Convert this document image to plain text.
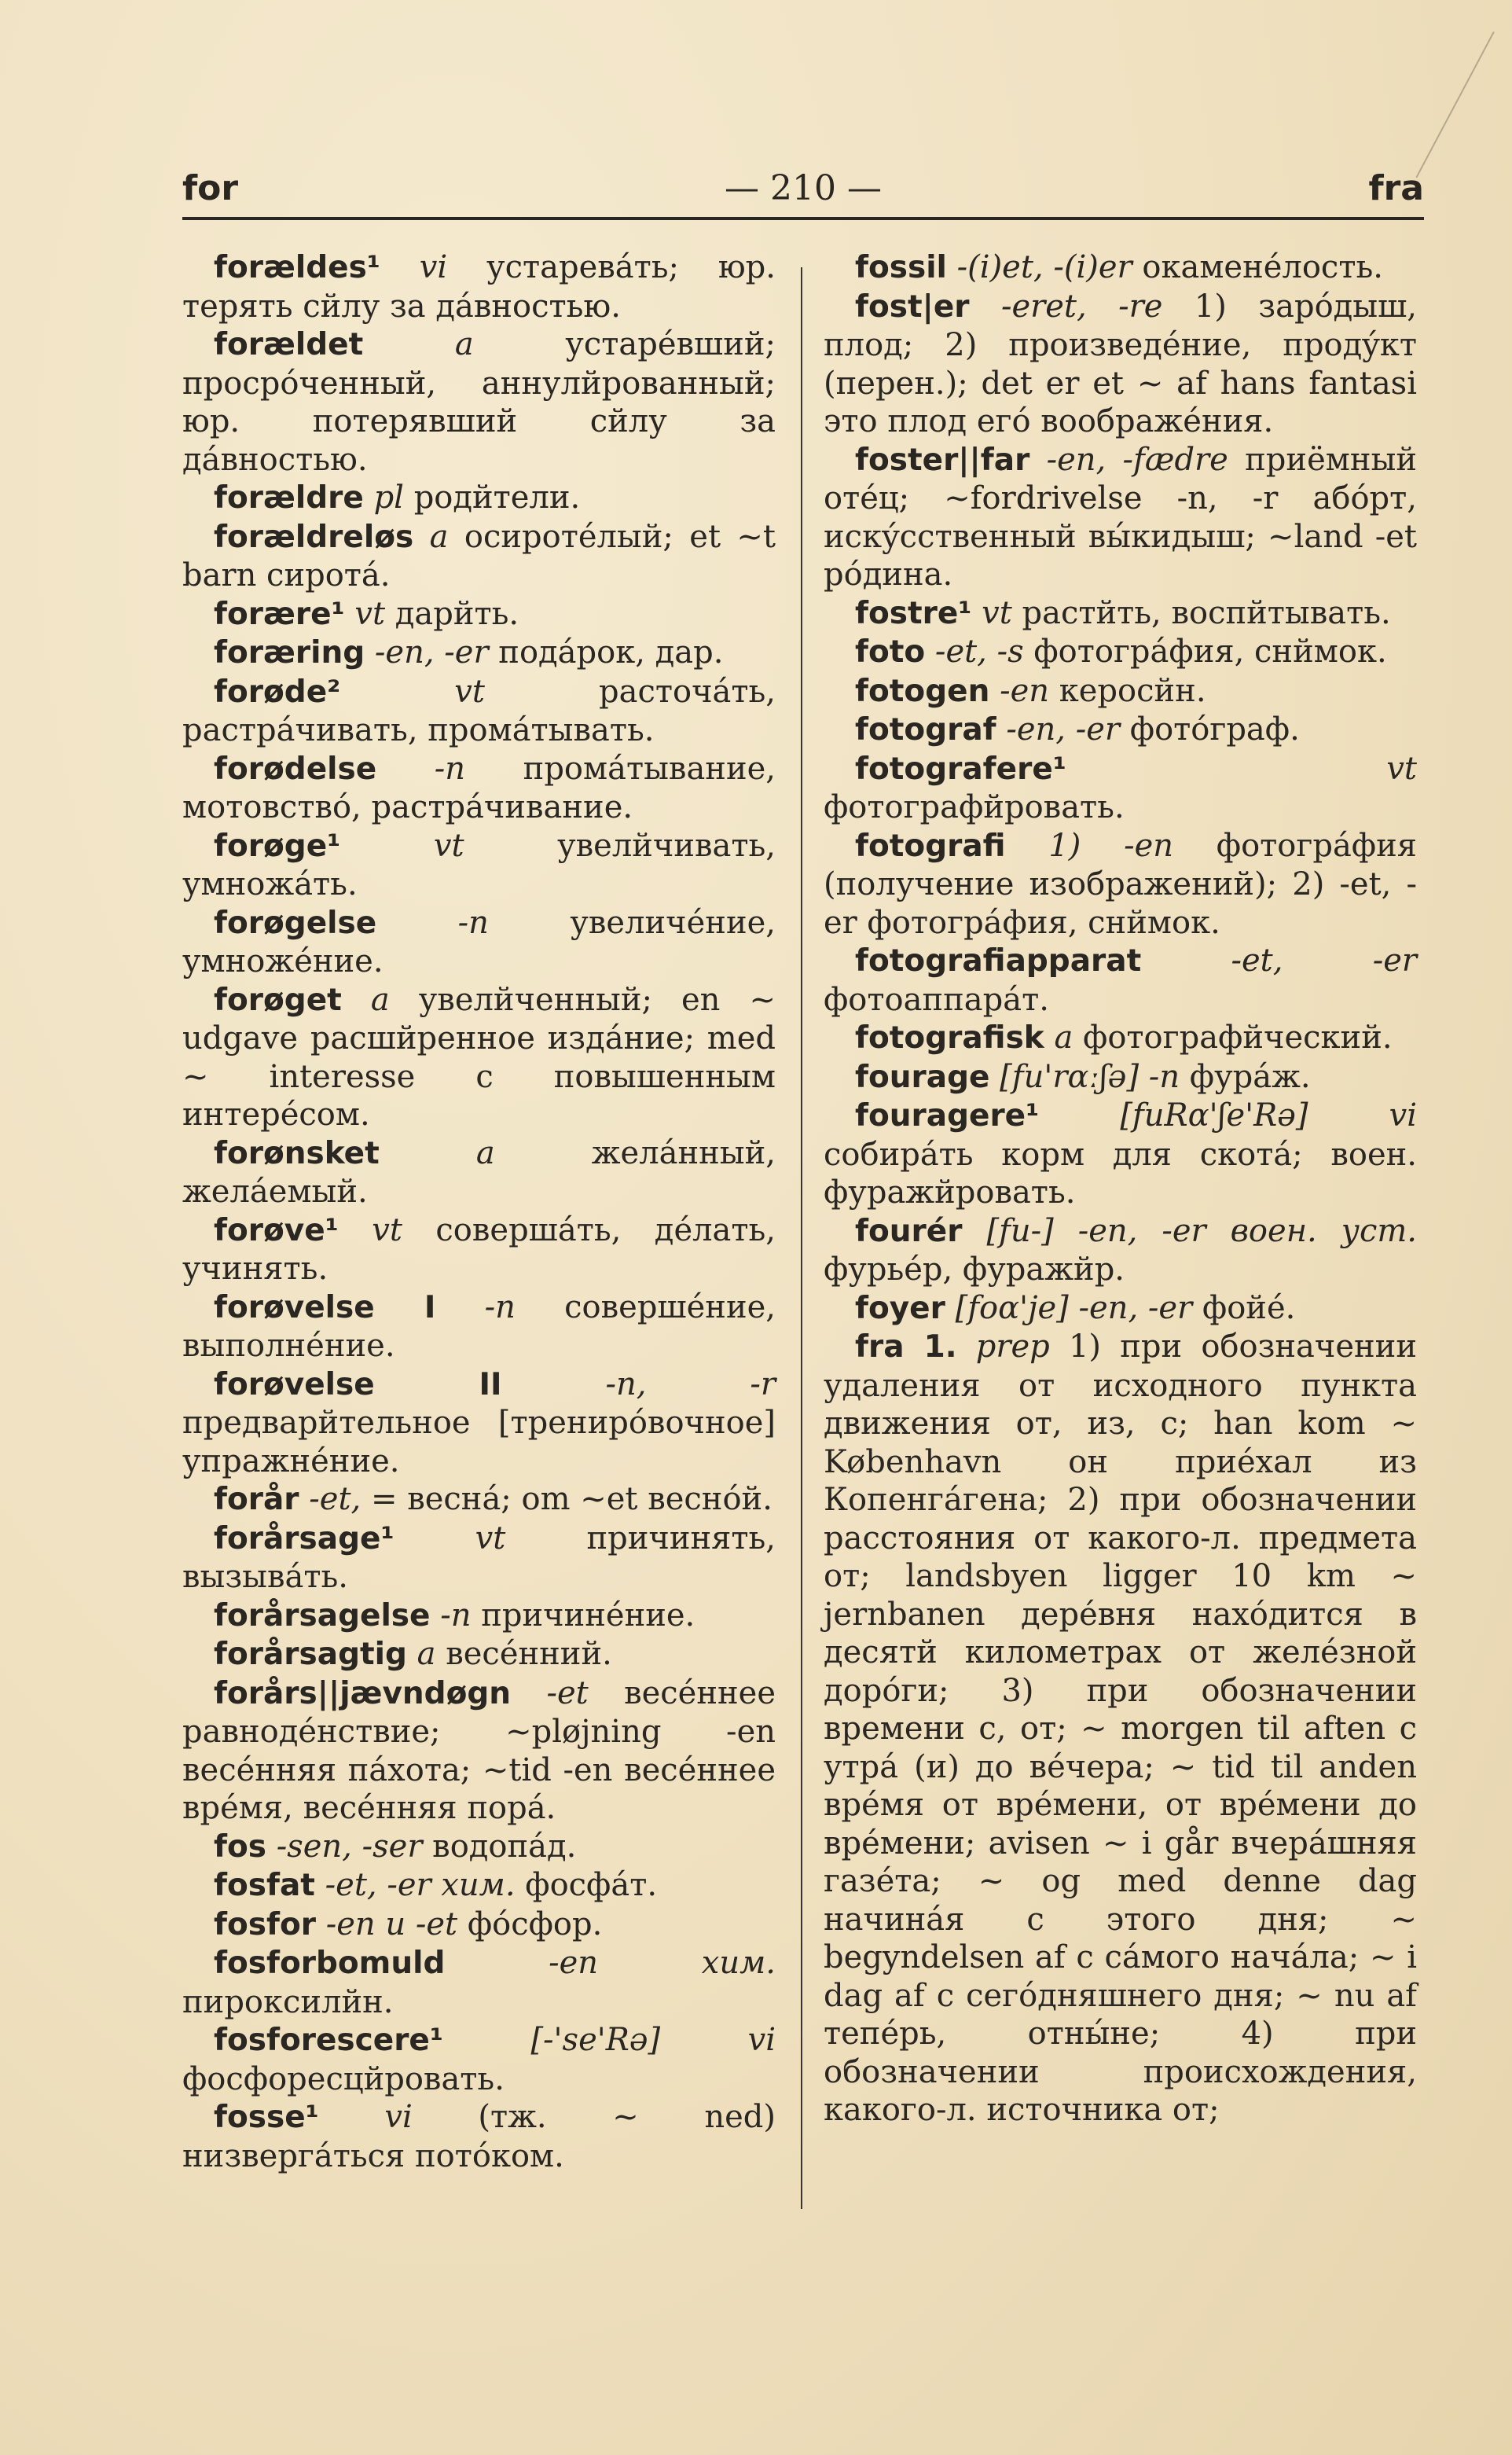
for	— 210 —	fra

forældes¹ vi устаревáть; юр. терять сйлу за дáвностью.

forældet	a	устарéвший; просрóченный, аннулйрованный; юр. потерявший сйлу за дáвностью.

forældre pl родйтели.

forældreløs a осиротéлый; et ~t barn сиротá.

forære¹ vt дарйть.

foræring -en, -er подáрок, дар.

forøde²	vt	расточáть, растрáчивать, промáтывать.

forødelse -n промáтывание, мотовствó, растрáчивание.

forøge¹	vt	увелйчивать, умножáть.

forøgelse	-n	увеличéние, умножéние.

forøget a увелйченный; en ~ udgave расшйренное издáние; med ~ interesse с повышенным интерéсом.

forønsket	a	желáнный, желáемый.

forøve¹ vt совершáть, дéлать, учинять.

forøvelse I -n совершéние, выполнéние.

forøvelse II	-n, -r предварйтельное [тренирóвочное] упражнéние.

forår -et, = веснá; om ~et веснóй.

forårsage¹	vt	причинять, вызывáть.

forårsagelse -n причинéние.

forårsagtig a весéнний.

forårs||jævndøgn -et весéннее равнодéнствие; ~pløjning -en весéнняя пáхота; ~tid -en весéннее врéмя, весéнняя порá.

fos -sen, -ser водопáд.

fosfat -et, -er хим. фосфáт.

fosfor -en и -et фóсфор.

fosforbomuld	-en хим. пироксилйн.

fosforescere¹	[-'se'Rə] vi фосфоресцйровать.

fosse¹ vi (тж. ~ ned) низвергáться потóком.

fossil -(i)et, -(i)er окаменéлость.

fost|er -eret, -re 1) зарóдыш, плод; 2) произведéние, продýкт (перен.); det er et ~ af hans fantasi это плод егó воображéния.

foster||far -en, -fædre приёмный отéц; ~fordrivelse -n, -r абóрт, искýсственный вы́кидыш; ~land -et рóдина.

fostre¹ vt растйть, воспйтывать.

foto -et, -s фотогрáфия, снймок.

fotogen -en керосйн.

fotograf -en, -er фотóграф.

fotografere¹	vt фотографйровать.

fotografi 1) -en фотогрáфия (получение изображений); 2) -et, -er фотогрáфия, снймок.

fotografiapparat	-et, -er фотоаппарáт.

fotografisk a фотографйческий.

fourage [fu'rɑːʃə] -n фурáж.

fouragere¹	[fuRɑ'ʃe'Rə] vi собирáть корм для скотá; воен. фуражйровать.

fourér [fu-] -en, -er воен. уст. фурьéр, фуражйр.

foyer [foɑ'je] -en, -er фойé.

fra 1. prep 1) при обозначении удаления от исходного пункта движения от, из, с; han kom ~ København он приéхал из Копенгáгена; 2) при обозначении расстояния от какого-л. предмета от; landsbyen ligger 10 km ~ jernbanen дерéвня нахóдится в десятй километрах от желéзной дорóги; 3) при обозначении времени с, от; ~ morgen til aften с утрá (и) до вéчера; ~ tid til anden врéмя от врéмени, от врéмени до врéмени; avisen ~ i går вчерáшняя газéта; ~ og med denne dag начинáя с этого дня; ~ begyndelsen af с сáмого начáла; ~ i dag af с сегóдняшнего дня; ~ nu af тепéрь, отны́не; 4) при обозначении происхождения, какого-л. источника от;
